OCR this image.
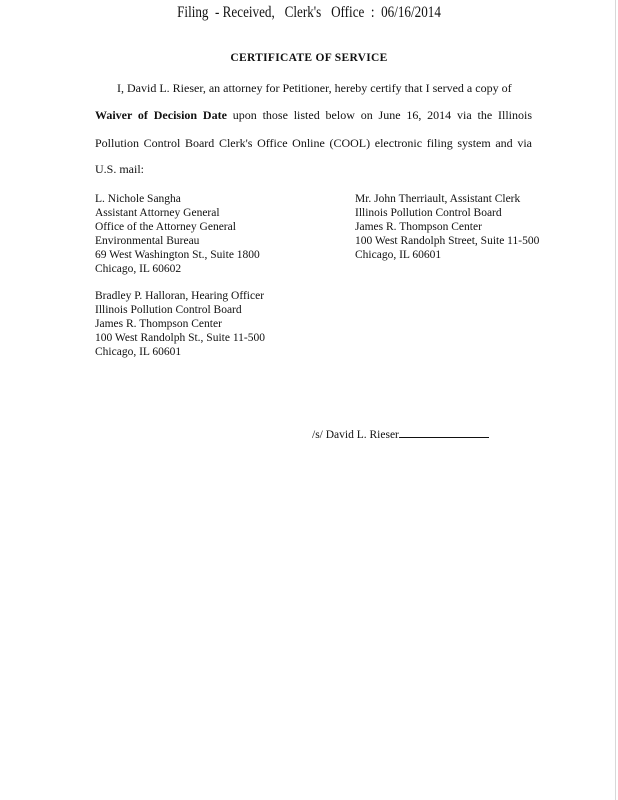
Filing  - Received,   Clerk's   Office  :  06/16/2014
CERTIFICATE OF SERVICE
I, David L. Rieser, an attorney for Petitioner, hereby certify that I served a copy of
Waiver of Decision Date upon those listed below on June 16, 2014 via the Illinois
Pollution Control Board Clerk's Office Online (COOL) electronic filing system and via
U.S. mail:
L. Nichole Sangha
Assistant Attorney General
Office of the Attorney General
Environmental Bureau
69 West Washington St., Suite 1800
Chicago, IL 60602
Mr. John Therriault, Assistant Clerk
Illinois Pollution Control Board
James R. Thompson Center
100 West Randolph Street, Suite 11-500
Chicago, IL 60601
Bradley P. Halloran, Hearing Officer
Illinois Pollution Control Board
James R. Thompson Center
100 West Randolph St., Suite 11-500
Chicago, IL 60601
/s/ David L. Rieser
